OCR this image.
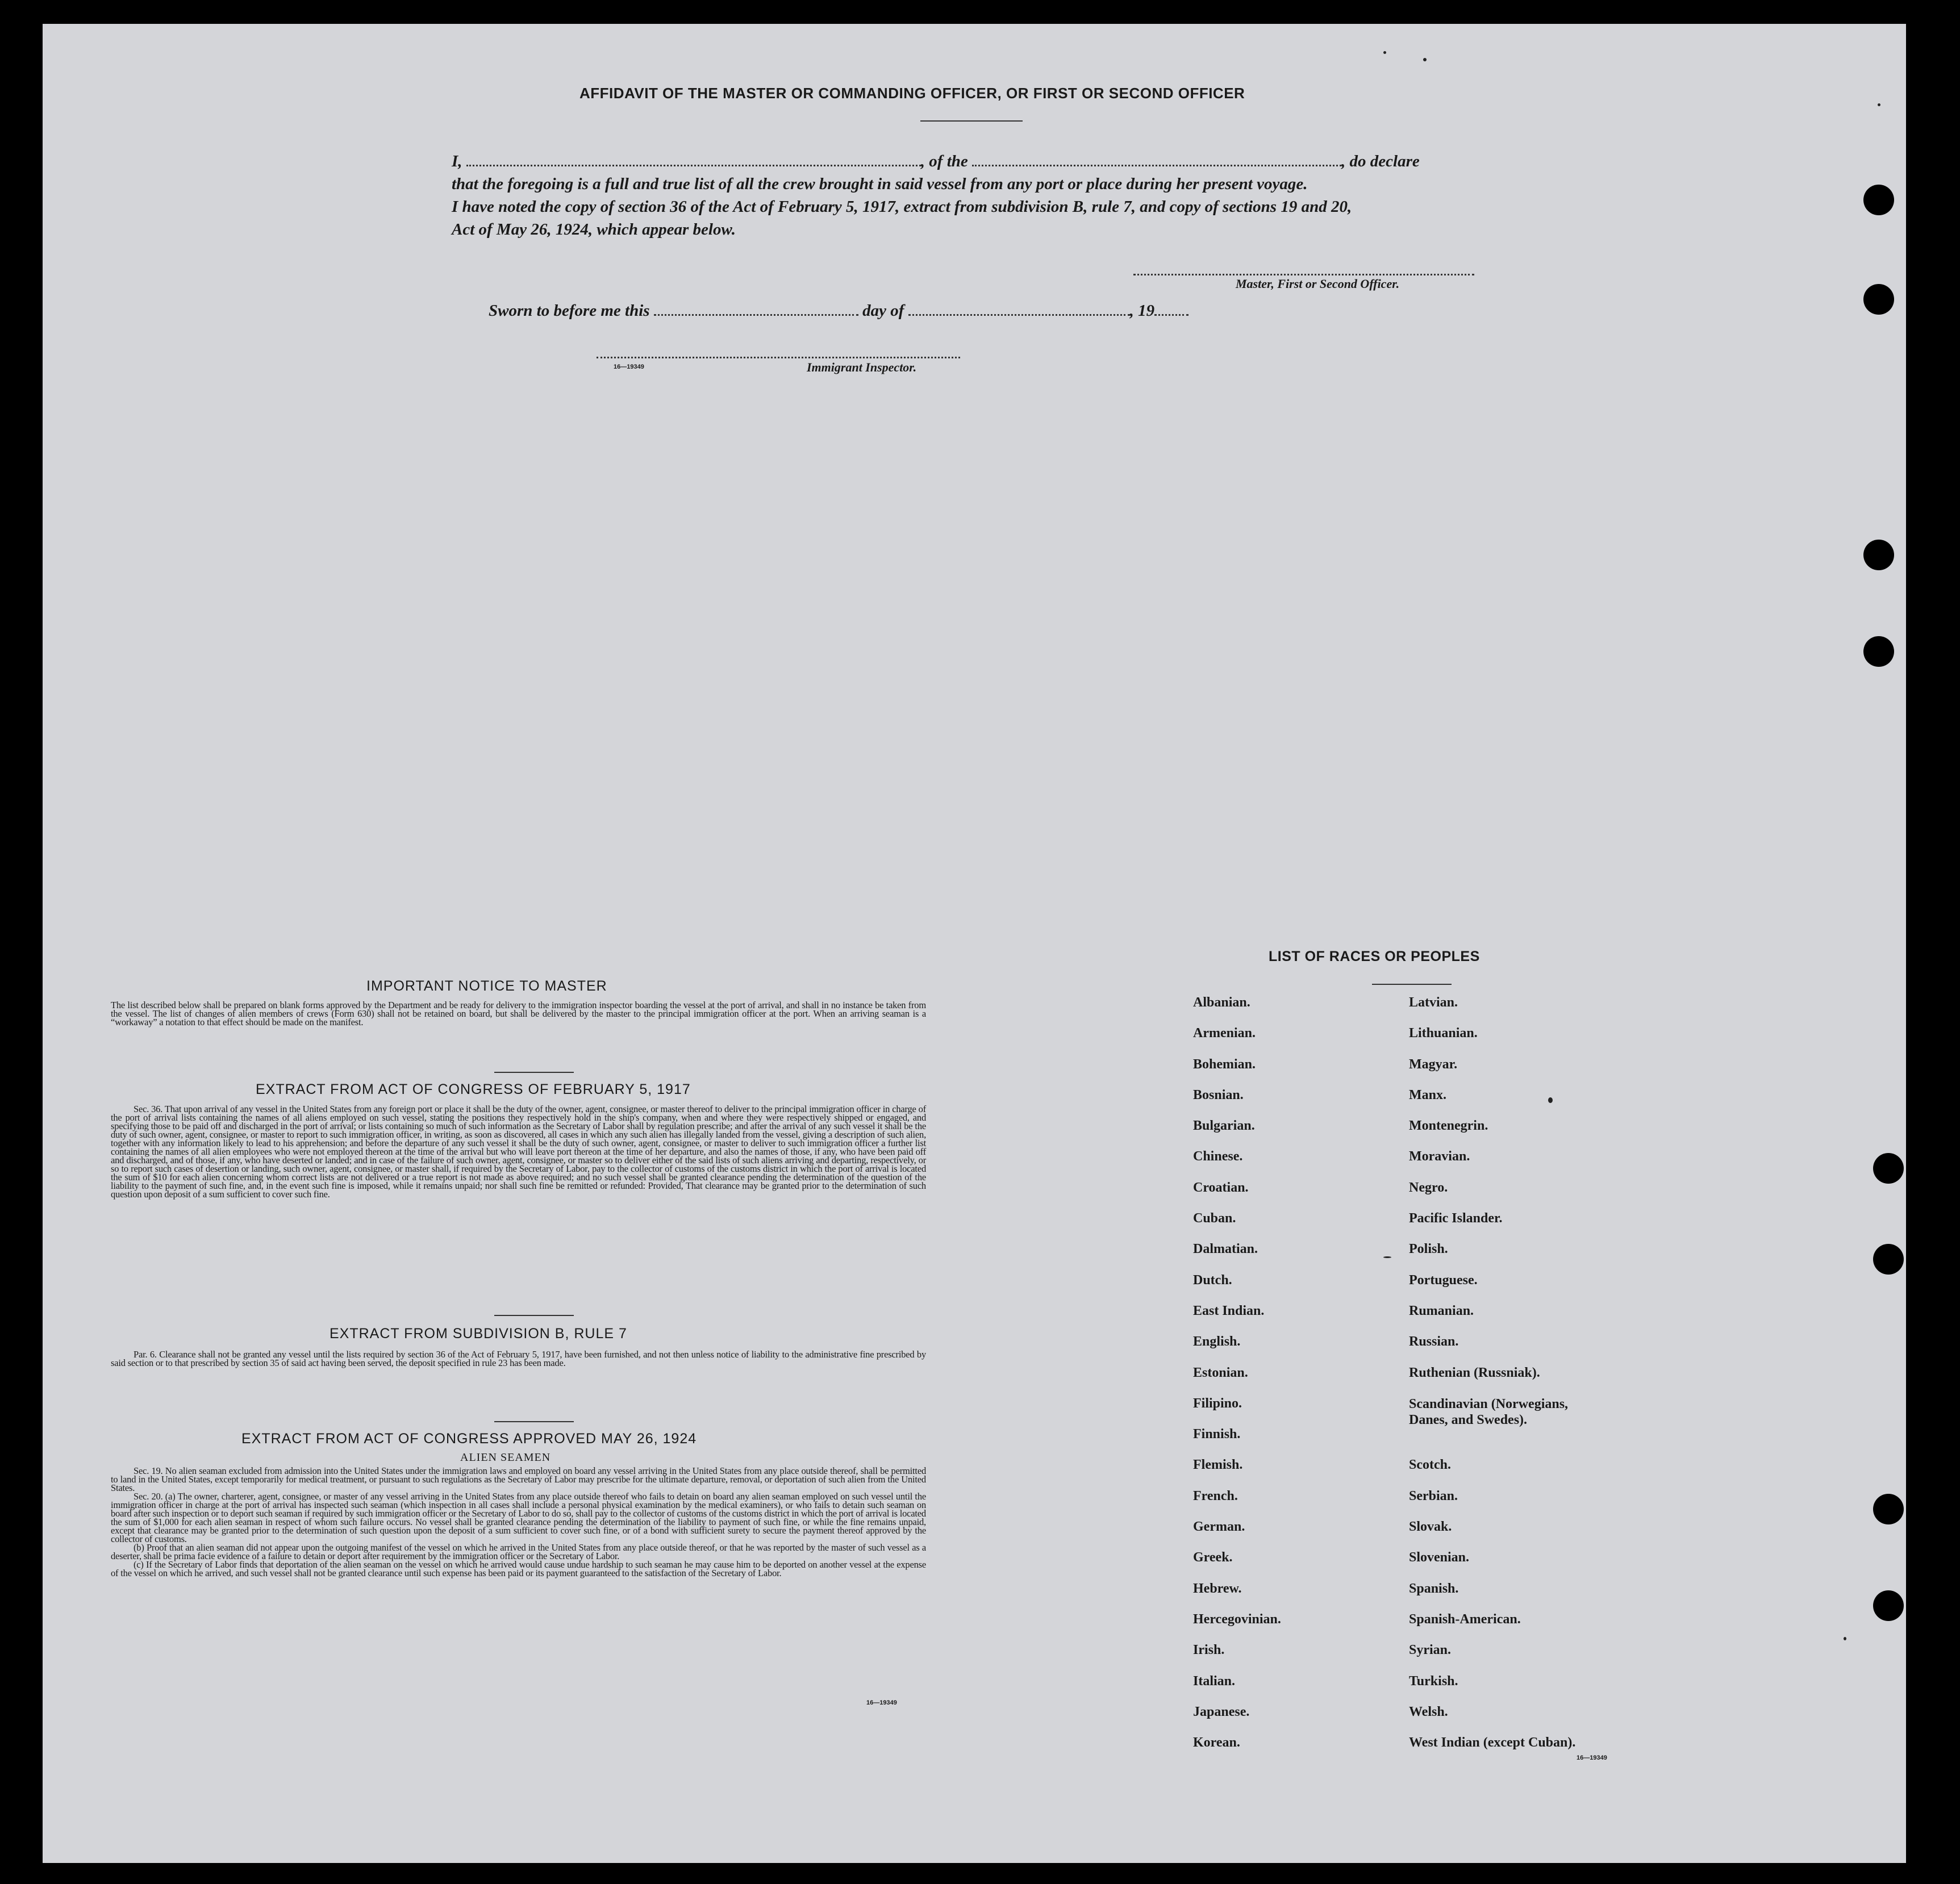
AFFIDAVIT OF THE MASTER OR COMMANDING OFFICER, OR FIRST OR SECOND OFFICER
I,	, of the	, do declare
that the foregoing is a full and true list of all the crew brought in said vessel from any port or place during her present voyage.
I have noted the copy of section 36 of the Act of February 5, 1917, extract from subdivision B, rule 7, and copy of sections 19 and 20,
Act of May 26, 1924, which appear below.
Master, First or Second Officer.
Sworn to before me this	day of	, 19
16—19349	Immigrant Inspector.
IMPORTANT NOTICE TO MASTER

The list described below shall be prepared on blank forms approved by the Department and be ready for delivery to the immigration inspector boarding the vessel at the port of arrival, and shall in no instance be taken from the vessel. The list of changes of alien members of crews (Form 630) shall not be retained on board, but shall be delivered by the master to the principal immigration officer at the port. When an arriving seaman is a “workaway” a notation to that effect should be made on the manifest.

EXTRACT FROM ACT OF CONGRESS OF FEBRUARY 5, 1917

Sec. 36. That upon arrival of any vessel in the United States from any foreign port or place it shall be the duty of the owner, agent, consignee, or master thereof to deliver to the principal immigration officer in charge of the port of arrival lists containing the names of all aliens employed on such vessel, stating the positions they respectively hold in the ship's company, when and where they were respectively shipped or engaged, and specifying those to be paid off and discharged in the port of arrival; or lists containing so much of such information as the Secretary of Labor shall by regulation prescribe; and after the arrival of any such vessel it shall be the duty of such owner, agent, consignee, or master to report to such immigration officer, in writing, as soon as discovered, all cases in which any such alien has illegally landed from the vessel, giving a description of such alien, together with any information likely to lead to his apprehension; and before the departure of any such vessel it shall be the duty of such owner, agent, consignee, or master to deliver to such immigration officer a further list containing the names of all alien employees who were not employed thereon at the time of the arrival but who will leave port thereon at the time of her departure, and also the names of those, if any, who have been paid off and discharged, and of those, if any, who have deserted or landed; and in case of the failure of such owner, agent, consignee, or master so to deliver either of the said lists of such aliens arriving and departing, respectively, or so to report such cases of desertion or landing, such owner, agent, consignee, or master shall, if required by the Secretary of Labor, pay to the collector of customs of the customs district in which the port of arrival is located the sum of $10 for each alien concerning whom correct lists are not delivered or a true report is not made as above required; and no such vessel shall be granted clearance pending the determination of the question of the liability to the payment of such fine, and, in the event such fine is imposed, while it remains unpaid; nor shall such fine be remitted or refunded: Provided, That clearance may be granted prior to the determination of such question upon deposit of a sum sufficient to cover such fine.

EXTRACT FROM SUBDIVISION B, RULE 7

Par. 6. Clearance shall not be granted any vessel until the lists required by section 36 of the Act of February 5, 1917, have been furnished, and not then unless notice of liability to the administrative fine prescribed by said section or to that prescribed by section 35 of said act having been served, the deposit specified in rule 23 has been made.

EXTRACT FROM ACT OF CONGRESS APPROVED MAY 26, 1924
ALIEN SEAMEN

Sec. 19. No alien seaman excluded from admission into the United States under the immigration laws and employed on board any vessel arriving in the United States from any place outside thereof, shall be permitted to land in the United States, except temporarily for medical treatment, or pursuant to such regulations as the Secretary of Labor may prescribe for the ultimate departure, removal, or deportation of such alien from the United States.

Sec. 20. (a) The owner, charterer, agent, consignee, or master of any vessel arriving in the United States from any place outside thereof who fails to detain on board any alien seaman employed on such vessel until the immigration officer in charge at the port of arrival has inspected such seaman (which inspection in all cases shall include a personal physical examination by the medical examiners), or who fails to detain such seaman on board after such inspection or to deport such seaman if required by such immigration officer or the Secretary of Labor to do so, shall pay to the collector of customs of the customs district in which the port of arrival is located the sum of $1,000 for each alien seaman in respect of whom such failure occurs. No vessel shall be granted clearance pending the determination of the liability to payment of such fine, or while the fine remains unpaid, except that clearance may be granted prior to the determination of such question upon the deposit of a sum sufficient to cover such fine, or of a bond with sufficient surety to secure the payment thereof approved by the collector of customs.

(b) Proof that an alien seaman did not appear upon the outgoing manifest of the vessel on which he arrived in the United States from any place outside thereof, or that he was reported by the master of such vessel as a deserter, shall be prima facie evidence of a failure to detain or deport after requirement by the immigration officer or the Secretary of Labor.

(c) If the Secretary of Labor finds that deportation of the alien seaman on the vessel on which he arrived would cause undue hardship to such seaman he may cause him to be deported on another vessel at the expense of the vessel on which he arrived, and such vessel shall not be granted clearance until such expense has been paid or its payment guaranteed to the satisfaction of the Secretary of Labor.

16—19349
LIST OF RACES OR PEOPLES
Albanian.
Armenian.
Bohemian.
Bosnian.
Bulgarian.
Chinese.
Croatian.
Cuban.
Dalmatian.
Dutch.
East Indian.
English.
Estonian.
Filipino.
Finnish.
Flemish.
French.
German.
Greek.
Hebrew.
Hercegovinian.
Irish.
Italian.
Japanese.
Korean.
Latvian.
Lithuanian.
Magyar.
Manx.
Montenegrin.
Moravian.
Negro.
Pacific Islander.
Polish.
Portuguese.
Rumanian.
Russian.
Ruthenian (Russniak).
Scandinavian (Norwegians, Danes, and Swedes).
Scotch.
Serbian.
Slovak.
Slovenian.
Spanish.
Spanish-American.
Syrian.
Turkish.
Welsh.
West Indian (except Cuban).
16—19349
